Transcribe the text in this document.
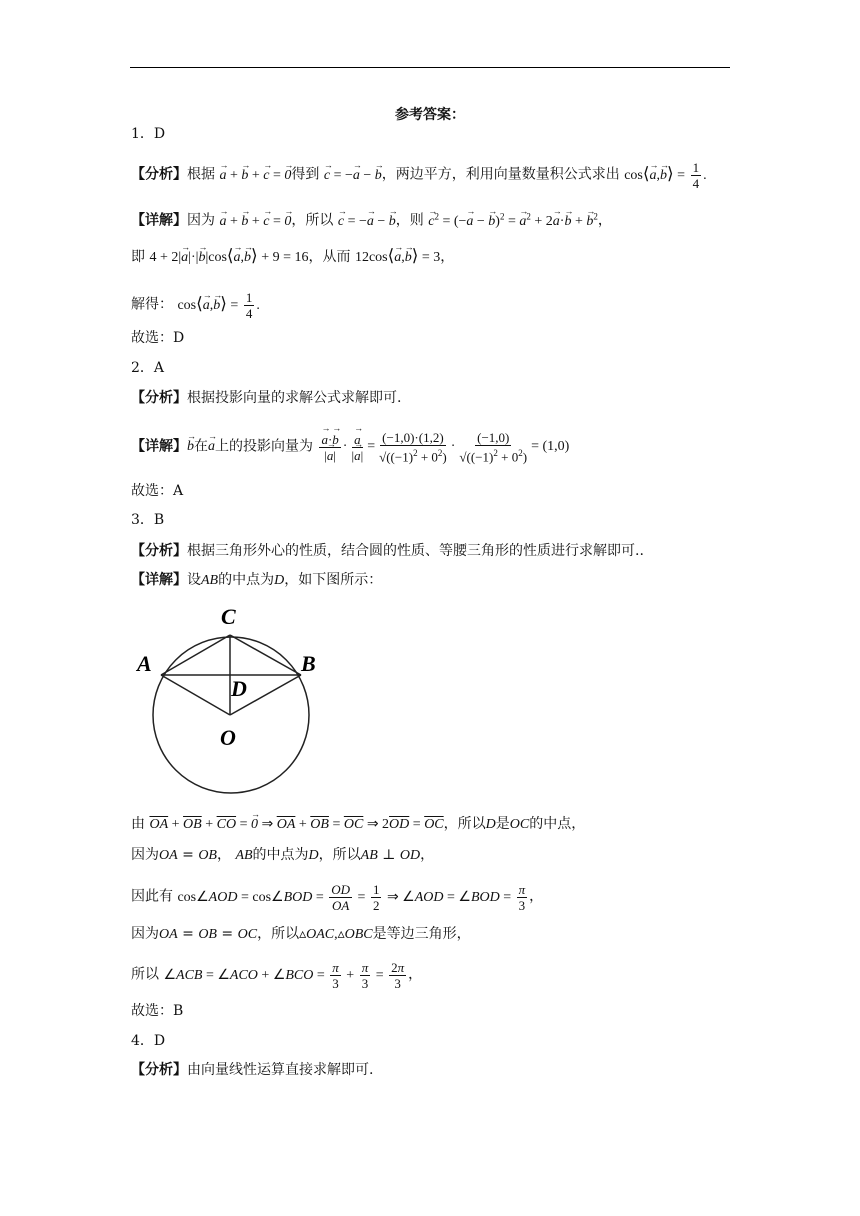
参考答案：
1．D
【分析】根据 → a + → b + → c = → 0得到 → c = −→ a − → b，两边平方，利用向量数量积公式求出 cos⟨→ a,→ b⟩ = $\frac{1}{4}$ .
【详解】因为 → a + → b + → c = → 0，所以 → c = −→ a − → b，则 → $c^2$ = (−→ a − → b)$^2$ = → $a^2 + 2\to a\cdot\to b$ + → $b^2$，
即 4 + 2|→ a|·|→ b|cos⟨→ a,→ b⟩ + 9 = 16，从而 12cos⟨→ a,→ b⟩ = 3，
解得： cos⟨→ a,→ b⟩ = $\frac{1}{4}$ .
故选：D
2．A
【分析】根据投影向量的求解公式求解即可.
【详解】→ b在→ a上的投影向量为 → $\frac{a\cdot\to b}{|\to a|}$ · → $\frac{a}{|\to a|} = \frac{(-1,0)\cdot(1,2)}{√((-1)^2 + 0^2)} \cdot \frac{(-1,0)}{√((-1)^2 + 0^2)} = (1,0)$
故选：A
3．B
【分析】根据三角形外心的性质，结合圆的性质、等腰三角形的性质进行求解即可..
【详解】设AB的中点为D，如下图所示：
C
A	B
D
O
由 $\overline{OA} + \overline{OB} + \overline{CO}$ = → 0 ⇒ $\overline{OA} + \overline{OB} = \overline{OC}$ ⇒ $2\overline{OD} = \overline{OC}$，所以D是OC的中点，
因为OA = OB， AB的中点为D，所以AB ⊥ OD，
因此有 cos∠AOD = cos∠BOD = $\frac{OD}{OA} = \frac{1}{2}$ ⇒ ∠AOD = ∠BOD = $\frac{\pi}{3}$ ，
因为OA = OB = OC，所以▵OAC,▵OBC是等边三角形，
所以 ∠ACB = ∠ACO + ∠BCO = $\frac{\pi}{3} + \frac{\pi}{3} = \frac{2\pi}{3}$ ，
故选：B
4．D
【分析】由向量线性运算直接求解即可.
